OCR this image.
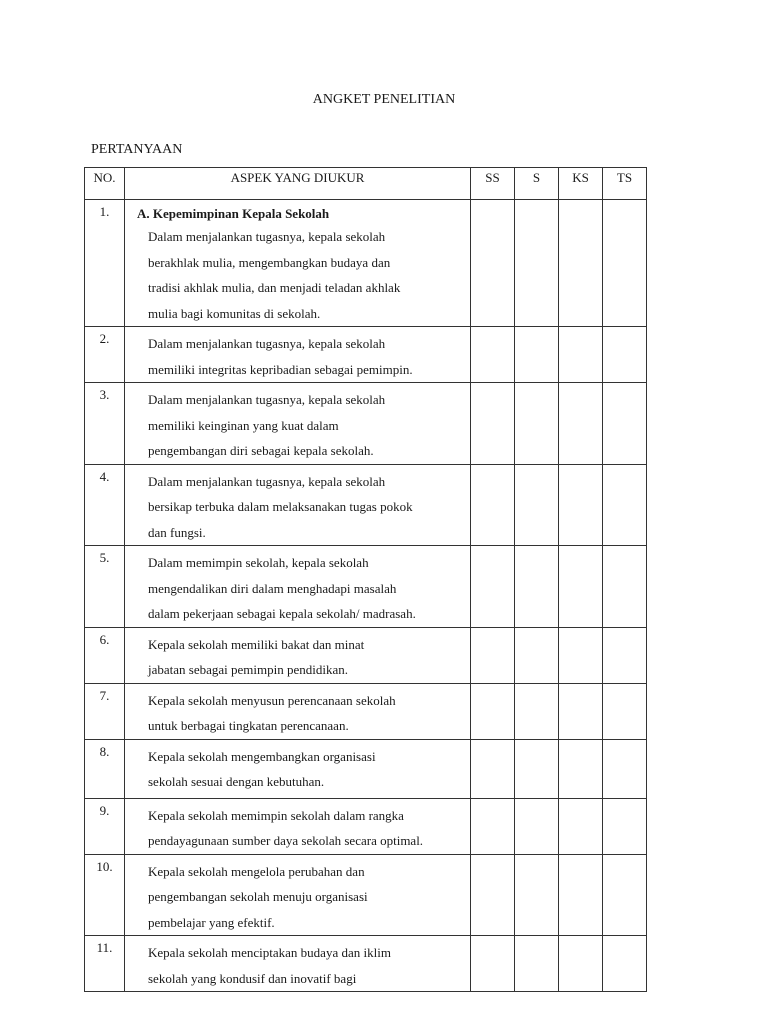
ANGKET PENELITIAN
PERTANYAAN
NO.	ASPEK YANG DIUKUR	SS	S	KS	TS
1.	A. Kepemimpinan Kepala Sekolah
Dalam menjalankan tugasnya, kepala sekolah
berakhlak mulia, mengembangkan budaya dan
tradisi akhlak mulia, dan menjadi teladan akhlak
mulia bagi komunitas di sekolah.				

2.	Dalam menjalankan tugasnya, kepala sekolah
memiliki integritas kepribadian sebagai pemimpin.				

3.	Dalam menjalankan tugasnya, kepala sekolah
memiliki keinginan yang kuat dalam
pengembangan diri sebagai kepala sekolah.				

4.	Dalam menjalankan tugasnya, kepala sekolah
bersikap terbuka dalam melaksanakan tugas pokok
dan fungsi.				

5.	Dalam memimpin sekolah, kepala sekolah
mengendalikan diri dalam menghadapi masalah
dalam pekerjaan sebagai kepala sekolah/ madrasah.				

6.	Kepala sekolah memiliki bakat dan minat
jabatan sebagai pemimpin pendidikan.				

7.	Kepala sekolah menyusun perencanaan sekolah
untuk berbagai tingkatan perencanaan.				

8.	Kepala sekolah mengembangkan organisasi
sekolah sesuai dengan kebutuhan.				

9.	Kepala sekolah memimpin sekolah dalam rangka
pendayagunaan sumber daya sekolah secara optimal.				

10.	Kepala sekolah mengelola perubahan dan
pengembangan sekolah menuju organisasi
pembelajar yang efektif.				

11.	Kepala sekolah menciptakan budaya dan iklim
sekolah yang kondusif dan inovatif bagi				
